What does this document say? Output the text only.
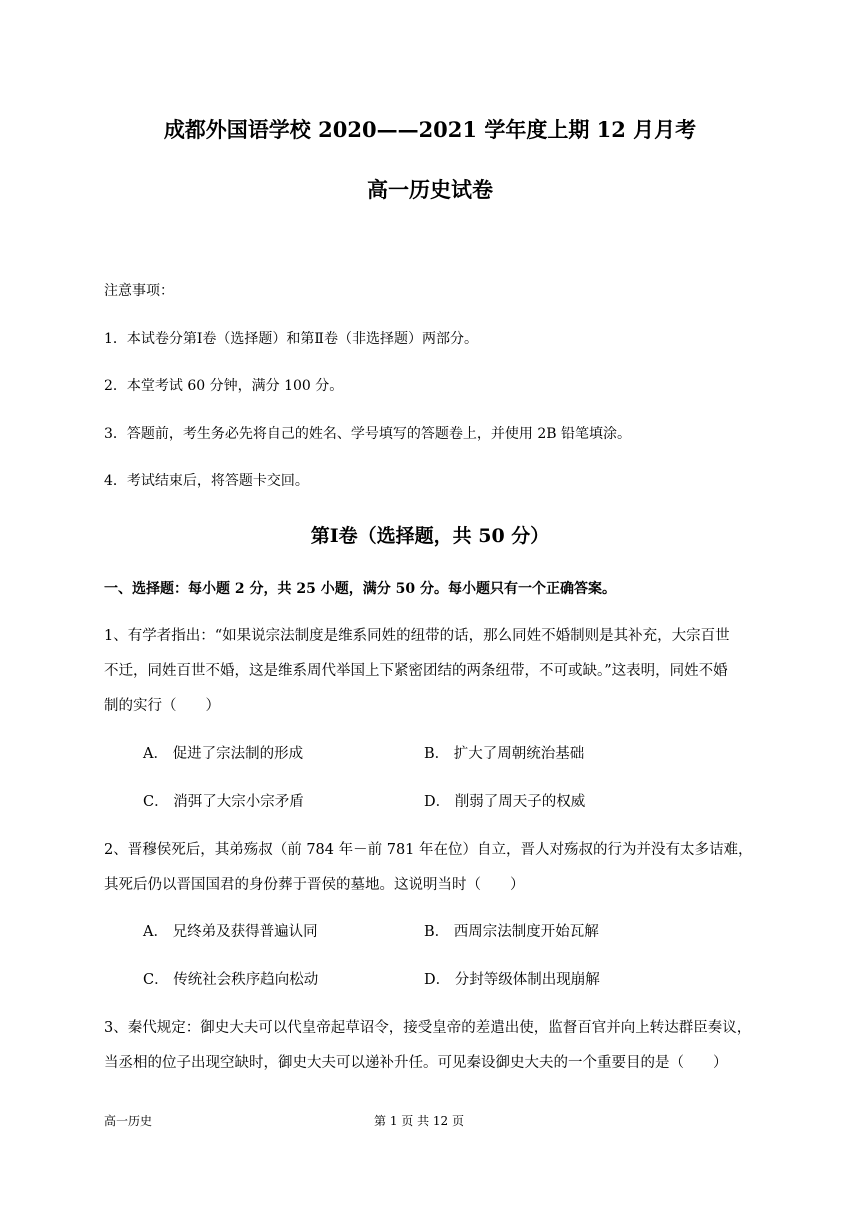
成都外国语学校 2020——2021 学年度上期 12 月月考
高一历史试卷
注意事项：
1．本试卷分第Ⅰ卷（选择题）和第Ⅱ卷（非选择题）两部分。
2．本堂考试 60 分钟，满分 100 分。
3．答题前，考生务必先将自己的姓名、学号填写的答题卷上，并使用 2B 铅笔填涂。
4．考试结束后，将答题卡交回。
第Ⅰ卷（选择题，共 50 分）
一、选择题：每小题 2 分，共 25 小题，满分 50 分。每小题只有一个正确答案。
1、有学者指出：“如果说宗法制度是维系同姓的纽带的话，那么同姓不婚制则是其补充，大宗百世
不迁，同姓百世不婚，这是维系周代举国上下紧密团结的两条纽带，不可或缺。”这表明，同姓不婚
制的实行（　　）
A． 促进了宗法制的形成	B． 扩大了周朝统治基础
C． 消弭了大宗小宗矛盾	D． 削弱了周天子的权威
2、晋穆侯死后，其弟殇叔（前 784 年－前 781 年在位）自立，晋人对殇叔的行为并没有太多诘难，
其死后仍以晋国国君的身份葬于晋侯的墓地。这说明当时（　　）
A． 兄终弟及获得普遍认同	B． 西周宗法制度开始瓦解
C． 传统社会秩序趋向松动	D． 分封等级体制出现崩解
3、秦代规定：御史大夫可以代皇帝起草诏令，接受皇帝的差遣出使，监督百官并向上转达群臣奏议，
当丞相的位子出现空缺时，御史大夫可以递补升任。可见秦设御史大夫的一个重要目的是（　　）
高一历史	第 1 页 共 12 页
